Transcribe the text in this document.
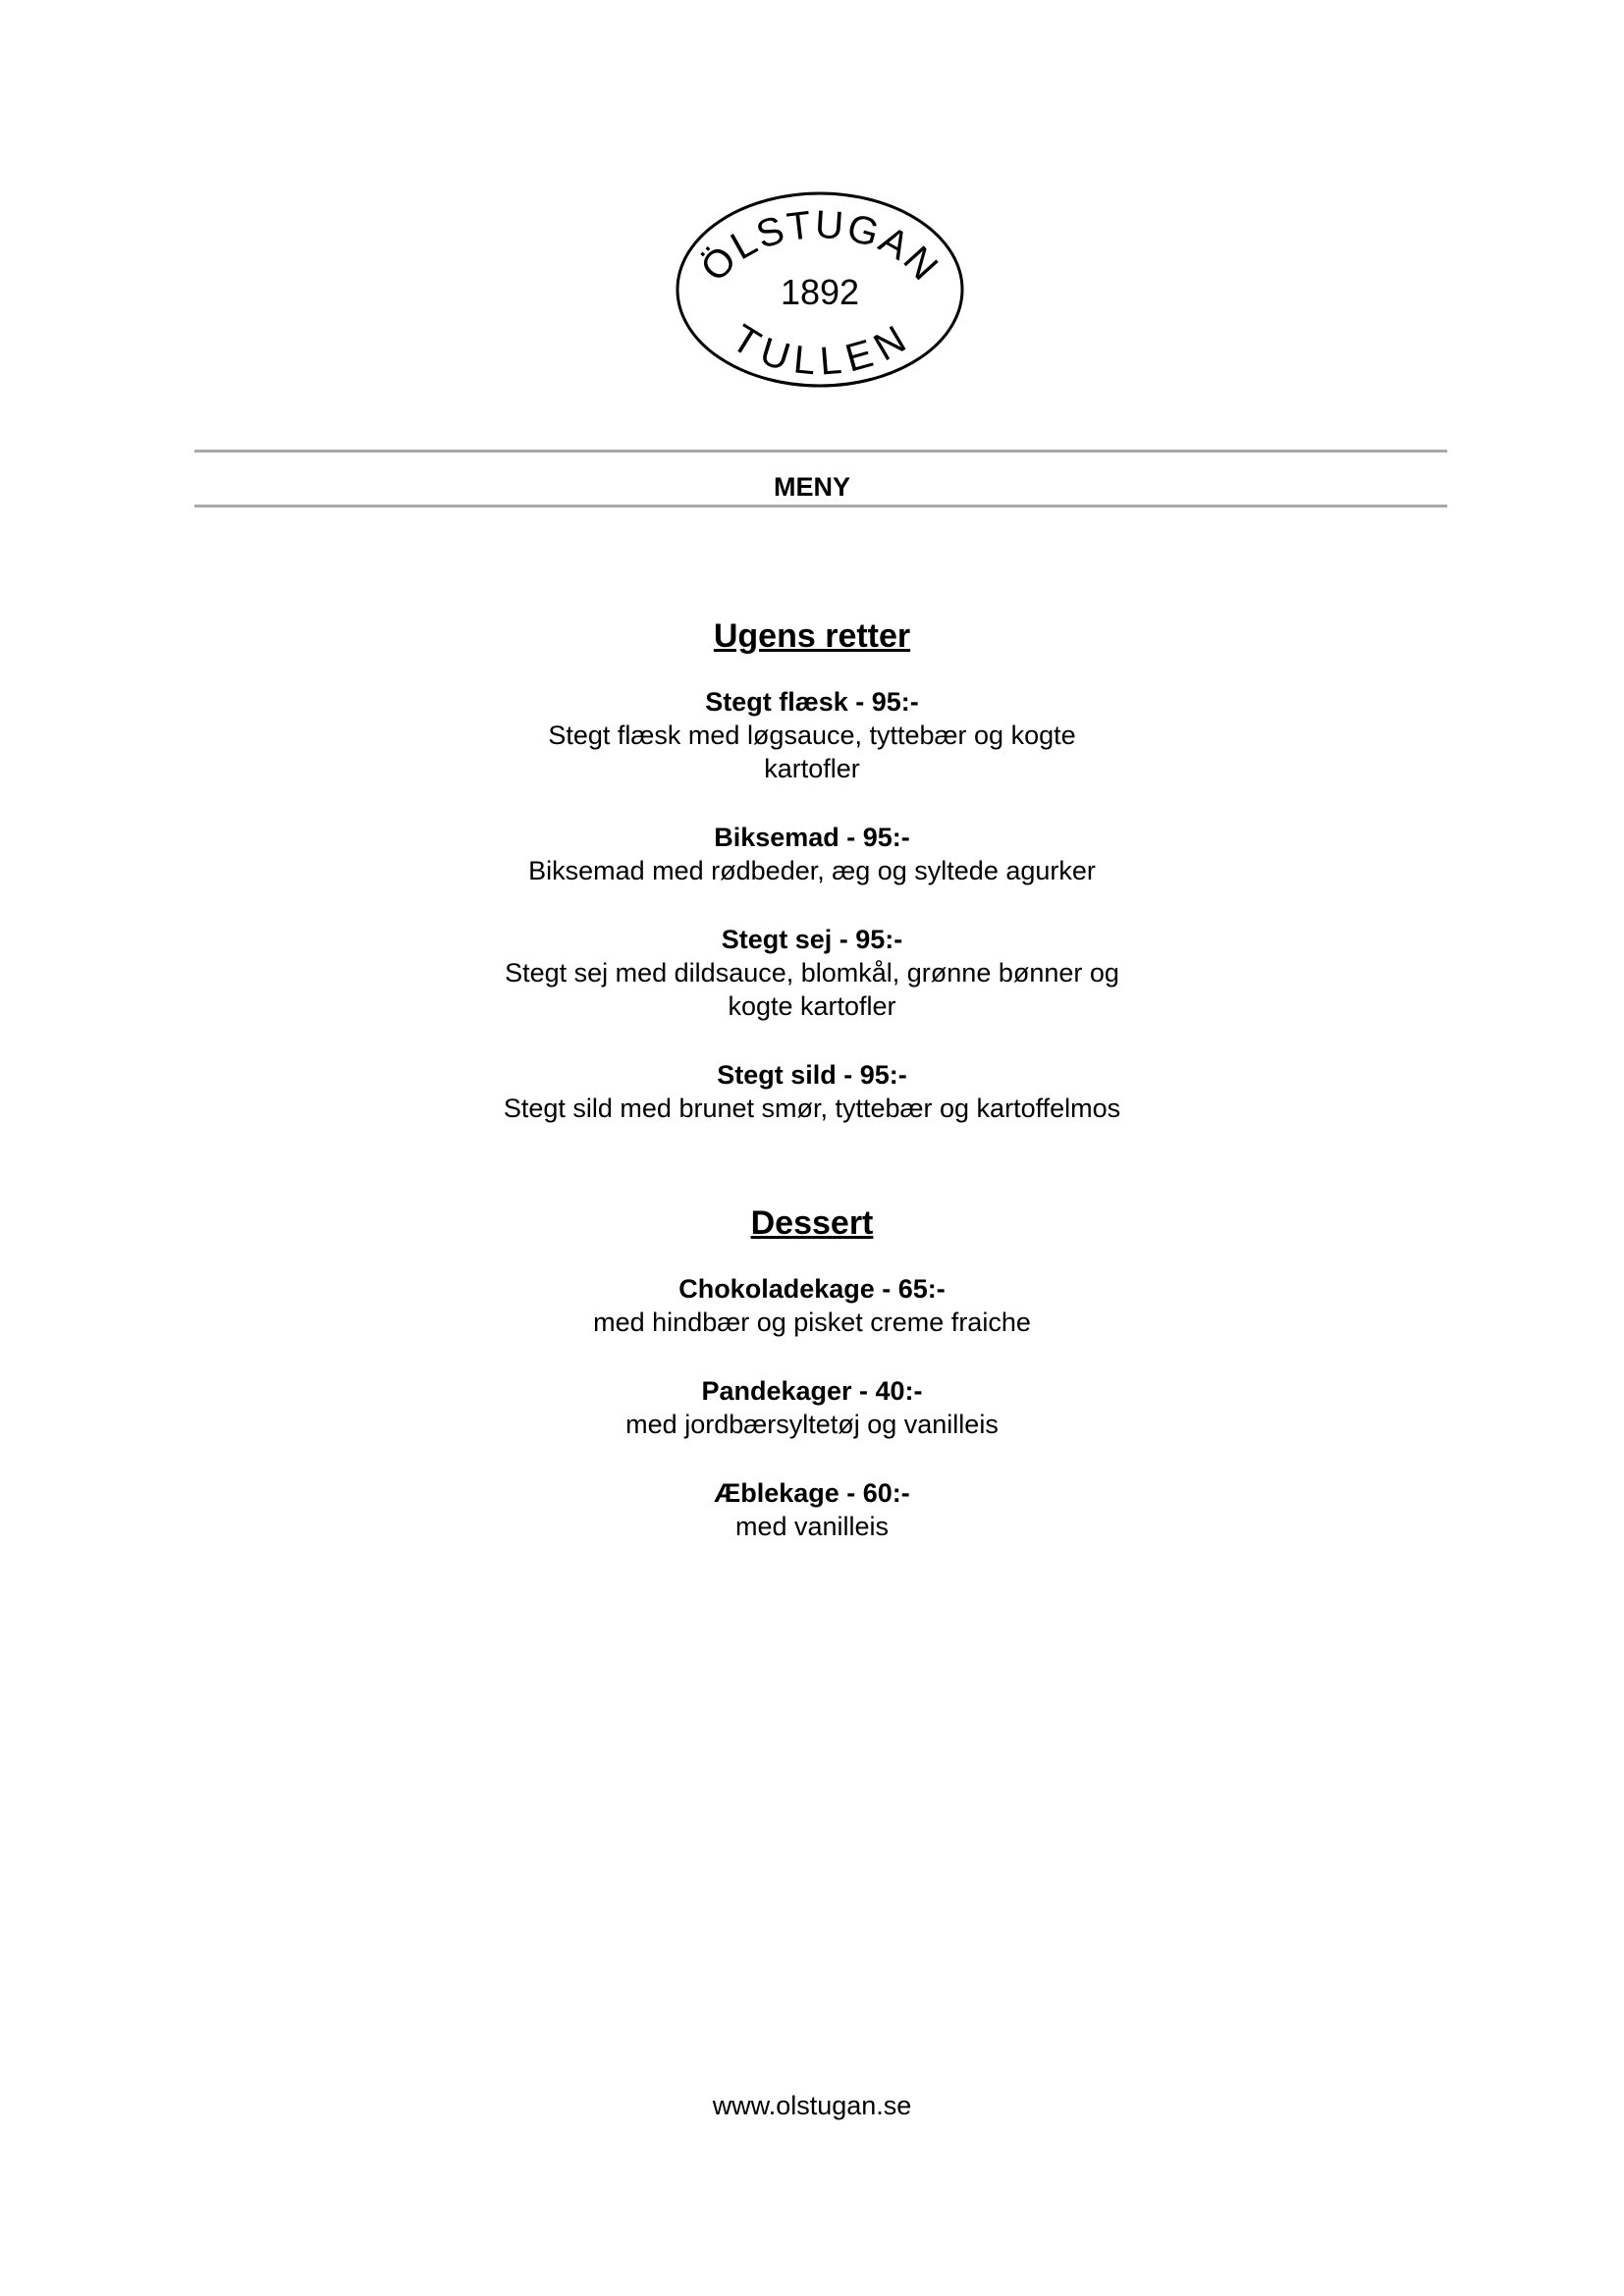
ÖLSTUGAN
1892
TULLEN
MENY
Ugens retter
Stegt flæsk - 95:-
Stegt flæsk med løgsauce, tyttebær og kogte kartofler
Biksemad - 95:-
Biksemad med rødbeder, æg og syltede agurker
Stegt sej - 95:-
Stegt sej med dildsauce, blomkål, grønne bønner og kogte kartofler
Stegt sild - 95:-
Stegt sild med brunet smør, tyttebær og kartoffelmos
Dessert
Chokoladekage - 65:-
med hindbær og pisket creme fraiche
Pandekager - 40:-
med jordbærsyltetøj og vanilleis
Æblekage - 60:-
med vanilleis
www.olstugan.se
